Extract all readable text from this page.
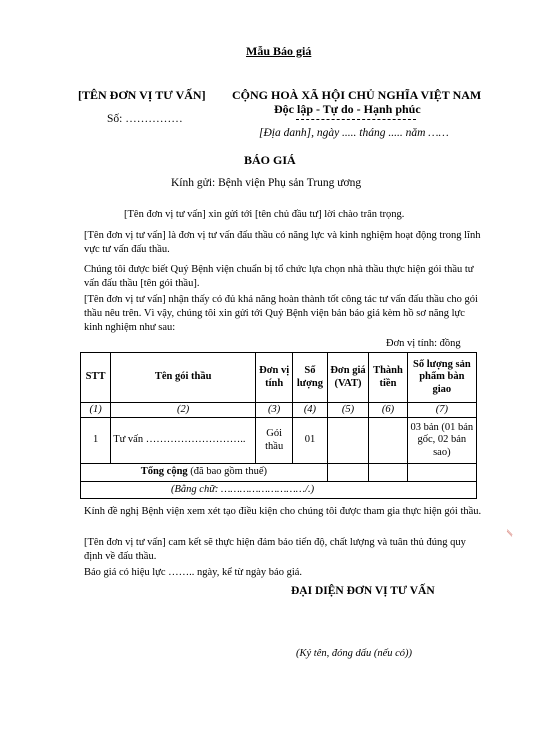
Mẫu Báo giá
[TÊN ĐƠN VỊ TƯ VẤN]
Số: ……………
CỘNG HOÀ XÃ HỘI CHỦ NGHĨA VIỆT NAM
Độc lập - Tự do - Hạnh phúc
[Địa danh], ngày ..... tháng ..... năm ……
BÁO GIÁ
Kính gửi: Bệnh viện Phụ sản Trung ương
[Tên đơn vị tư vấn] xin gửi tới [tên chủ đầu tư] lời chào trân trọng.
[Tên đơn vị tư vấn] là đơn vị tư vấn đấu thầu có năng lực và kinh nghiệm hoạt động trong lĩnh vực tư vấn đấu thầu.
Chúng tôi được biết Quý Bệnh viện chuẩn bị tổ chức lựa chọn nhà thầu thực hiện gói thầu tư vấn đấu thầu [tên gói thầu].
[Tên đơn vị tư vấn] nhận thấy có đủ khả năng hoàn thành tốt công tác tư vấn đấu thầu cho gói thầu nêu trên. Vì vậy, chúng tôi xin gửi tới Quý Bệnh viện bản báo giá kèm hồ sơ năng lực kinh nghiệm như sau:
Đơn vị tính: đồng
STT	Tên gói thầu	Đơn vị tính	Số lượng	Đơn giá (VAT)	Thành tiền	Số lượng sản phẩm bàn giao
(1)	(2)	(3)	(4)	(5)	(6)	(7)
1	Tư vấn ………………………..	Gói thầu	01			03 bản (01 bản gốc, 02 bản sao)
Tổng cộng (đã bao gồm thuế)						
(Bằng chữ: ………………………/.)						
Kính đề nghị Bệnh viện xem xét tạo điều kiện cho chúng tôi được tham gia thực hiện gói thầu.
[Tên đơn vị tư vấn] cam kết sẽ thực hiện đảm bảo tiến độ, chất lượng và tuân thủ đúng quy định về đấu thầu.
Báo giá có hiệu lực …….. ngày, kể từ ngày báo giá.
⁄⁄
ĐẠI DIỆN ĐƠN VỊ TƯ VẤN
(Ký tên, đóng dấu (nếu có))
